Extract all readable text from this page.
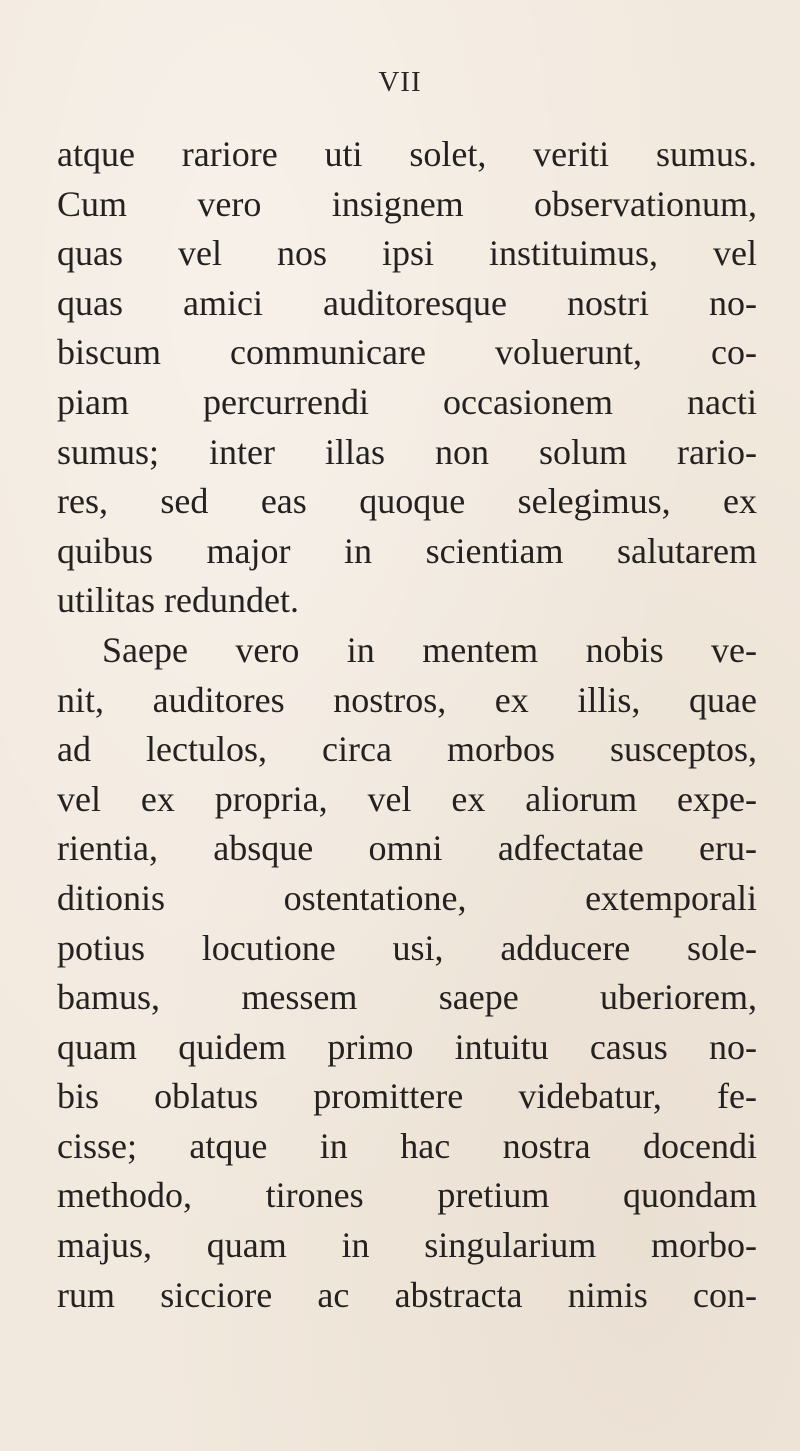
VII
atque rariore uti solet, veriti sumus.
Cum vero insignem observationum,
quas vel nos ipsi instituimus, vel
quas amici auditoresque nostri no-
biscum communicare voluerunt, co-
piam percurrendi occasionem nacti
sumus; inter illas non solum rario-
res, sed eas quoque selegimus, ex
quibus major in scientiam salutarem
utilitas redundet.
Saepe vero in mentem nobis ve-
nit, auditores nostros, ex illis, quae
ad lectulos, circa morbos susceptos,
vel ex propria, vel ex aliorum expe-
rientia, absque omni adfectatae eru-
ditionis ostentatione, extemporali
potius locutione usi, adducere sole-
bamus, messem saepe uberiorem,
quam quidem primo intuitu casus no-
bis oblatus promittere videbatur, fe-
cisse; atque in hac nostra docendi
methodo, tirones pretium quondam
majus, quam in singularium morbo-
rum sicciore ac abstracta nimis con-
